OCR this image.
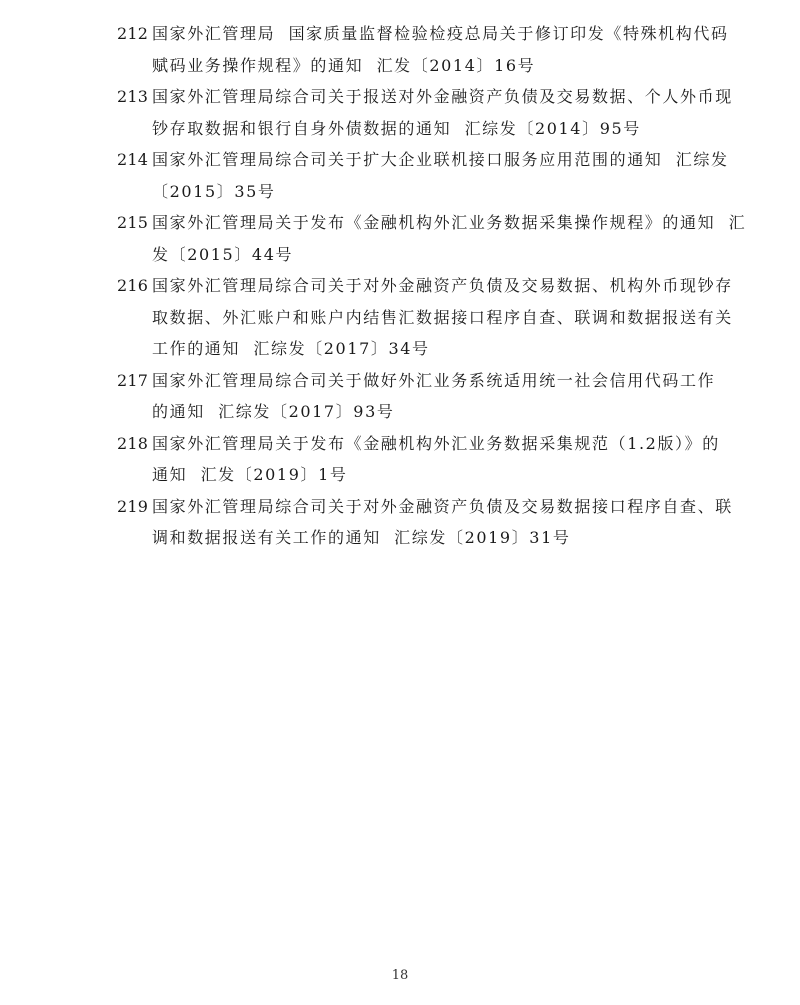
212 国家外汇管理局  国家质量监督检验检疫总局关于修订印发《特殊机构代码
赋码业务操作规程》的通知  汇发〔2014〕16号
213 国家外汇管理局综合司关于报送对外金融资产负债及交易数据、个人外币现
钞存取数据和银行自身外债数据的通知  汇综发〔2014〕95号
214 国家外汇管理局综合司关于扩大企业联机接口服务应用范围的通知  汇综发
〔2015〕35号
215 国家外汇管理局关于发布《金融机构外汇业务数据采集操作规程》的通知  汇
发〔2015〕44号
216 国家外汇管理局综合司关于对外金融资产负债及交易数据、机构外币现钞存
取数据、外汇账户和账户内结售汇数据接口程序自查、联调和数据报送有关
工作的通知  汇综发〔2017〕34号
217 国家外汇管理局综合司关于做好外汇业务系统适用统一社会信用代码工作
的通知  汇综发〔2017〕93号
218 国家外汇管理局关于发布《金融机构外汇业务数据采集规范（1.2版）》的
通知  汇发〔2019〕1号
219 国家外汇管理局综合司关于对外金融资产负债及交易数据接口程序自查、联
调和数据报送有关工作的通知  汇综发〔2019〕31号
18
